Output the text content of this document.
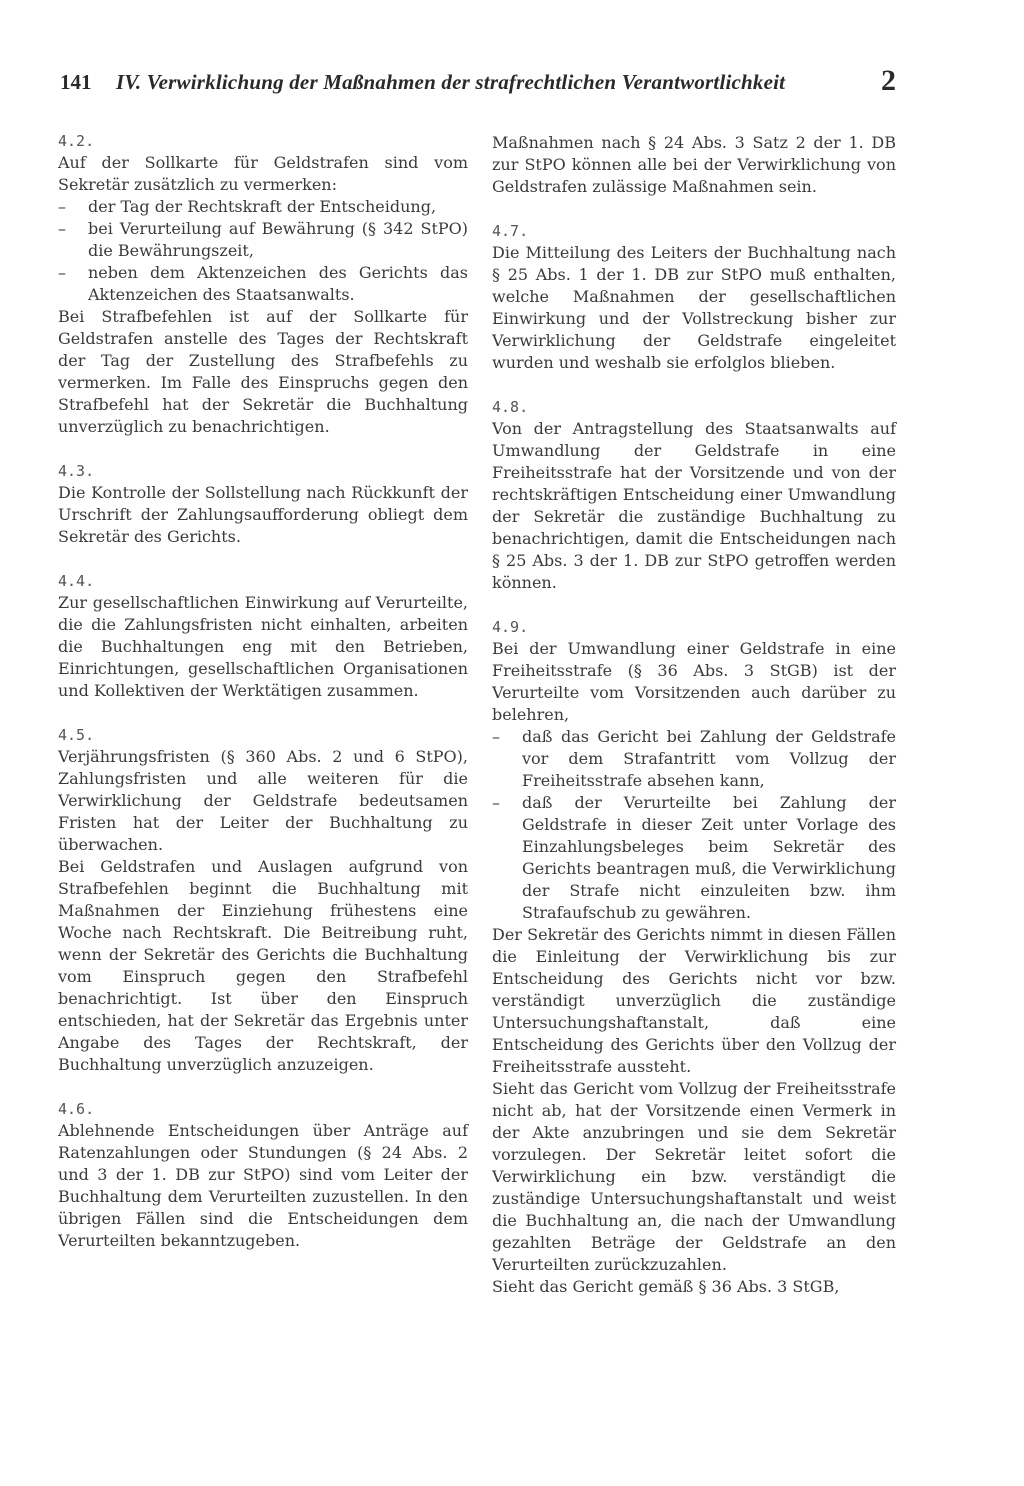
141 IV. Verwirklichung der Maßnahmen der strafrechtlichen Verantwortlichkeit	2
4.2.
Auf der Sollkarte für Geldstrafen sind vom Sekretär zusätzlich zu vermerken:
– der Tag der Rechtskraft der Entscheidung,
– bei Verurteilung auf Bewährung (§ 342 StPO) die Bewährungszeit,
– neben dem Aktenzeichen des Gerichts das Aktenzeichen des Staatsanwalts.
Bei Strafbefehlen ist auf der Sollkarte für Geldstrafen anstelle des Tages der Rechtskraft der Tag der Zustellung des Strafbefehls zu vermerken. Im Falle des Einspruchs gegen den Strafbefehl hat der Sekretär die Buchhaltung unverzüglich zu benachrichtigen.
4.3.
Die Kontrolle der Sollstellung nach Rückkunft der Urschrift der Zahlungsaufforderung obliegt dem Sekretär des Gerichts.
4.4.
Zur gesellschaftlichen Einwirkung auf Verurteilte, die die Zahlungsfristen nicht einhalten, arbeiten die Buchhaltungen eng mit den Betrieben, Einrichtungen, gesellschaftlichen Organisationen und Kollektiven der Werktätigen zusammen.
4.5.
Verjährungsfristen (§ 360 Abs. 2 und 6 StPO), Zahlungsfristen und alle weiteren für die Verwirklichung der Geldstrafe bedeutsamen Fristen hat der Leiter der Buchhaltung zu überwachen.
Bei Geldstrafen und Auslagen aufgrund von Strafbefehlen beginnt die Buchhaltung mit Maßnahmen der Einziehung frühestens eine Woche nach Rechtskraft. Die Beitreibung ruht, wenn der Sekretär des Gerichts die Buchhaltung vom Einspruch gegen den Strafbefehl benachrichtigt. Ist über den Einspruch entschieden, hat der Sekretär das Ergebnis unter Angabe des Tages der Rechtskraft, der Buchhaltung unverzüglich anzuzeigen.
4.6.
Ablehnende Entscheidungen über Anträge auf Ratenzahlungen oder Stundungen (§ 24 Abs. 2 und 3 der 1. DB zur StPO) sind vom Leiter der Buchhaltung dem Verurteilten zuzustellen. In den übrigen Fällen sind die Entscheidungen dem Verurteilten bekanntzugeben.
Maßnahmen nach § 24 Abs. 3 Satz 2 der 1. DB zur StPO können alle bei der Verwirklichung von Geldstrafen zulässige Maßnahmen sein.
4.7.
Die Mitteilung des Leiters der Buchhaltung nach § 25 Abs. 1 der 1. DB zur StPO muß enthalten, welche Maßnahmen der gesellschaftlichen Einwirkung und der Vollstreckung bisher zur Verwirklichung der Geldstrafe eingeleitet wurden und weshalb sie erfolglos blieben.
4.8.
Von der Antragstellung des Staatsanwalts auf Umwandlung der Geldstrafe in eine Freiheitsstrafe hat der Vorsitzende und von der rechtskräftigen Entscheidung einer Umwandlung der Sekretär die zuständige Buchhaltung zu benachrichtigen, damit die Entscheidungen nach § 25 Abs. 3 der 1. DB zur StPO getroffen werden können.
4.9.
Bei der Umwandlung einer Geldstrafe in eine Freiheitsstrafe (§ 36 Abs. 3 StGB) ist der Verurteilte vom Vorsitzenden auch darüber zu belehren,
– daß das Gericht bei Zahlung der Geldstrafe vor dem Strafantritt vom Vollzug der Freiheitsstrafe absehen kann,
– daß der Verurteilte bei Zahlung der Geldstrafe in dieser Zeit unter Vorlage des Einzahlungsbeleges beim Sekretär des Gerichts beantragen muß, die Verwirklichung der Strafe nicht einzuleiten bzw. ihm Strafaufschub zu gewähren.
Der Sekretär des Gerichts nimmt in diesen Fällen die Einleitung der Verwirklichung bis zur Entscheidung des Gerichts nicht vor bzw. verständigt unverzüglich die zuständige Untersuchungshaftanstalt, daß eine Entscheidung des Gerichts über den Vollzug der Freiheitsstrafe aussteht.
Sieht das Gericht vom Vollzug der Freiheitsstrafe nicht ab, hat der Vorsitzende einen Vermerk in der Akte anzubringen und sie dem Sekretär vorzulegen. Der Sekretär leitet sofort die Verwirklichung ein bzw. verständigt die zuständige Untersuchungshaftanstalt und weist die Buchhaltung an, die nach der Umwandlung gezahlten Beträge der Geldstrafe an den Verurteilten zurückzuzahlen.
Sieht das Gericht gemäß § 36 Abs. 3 StGB,
